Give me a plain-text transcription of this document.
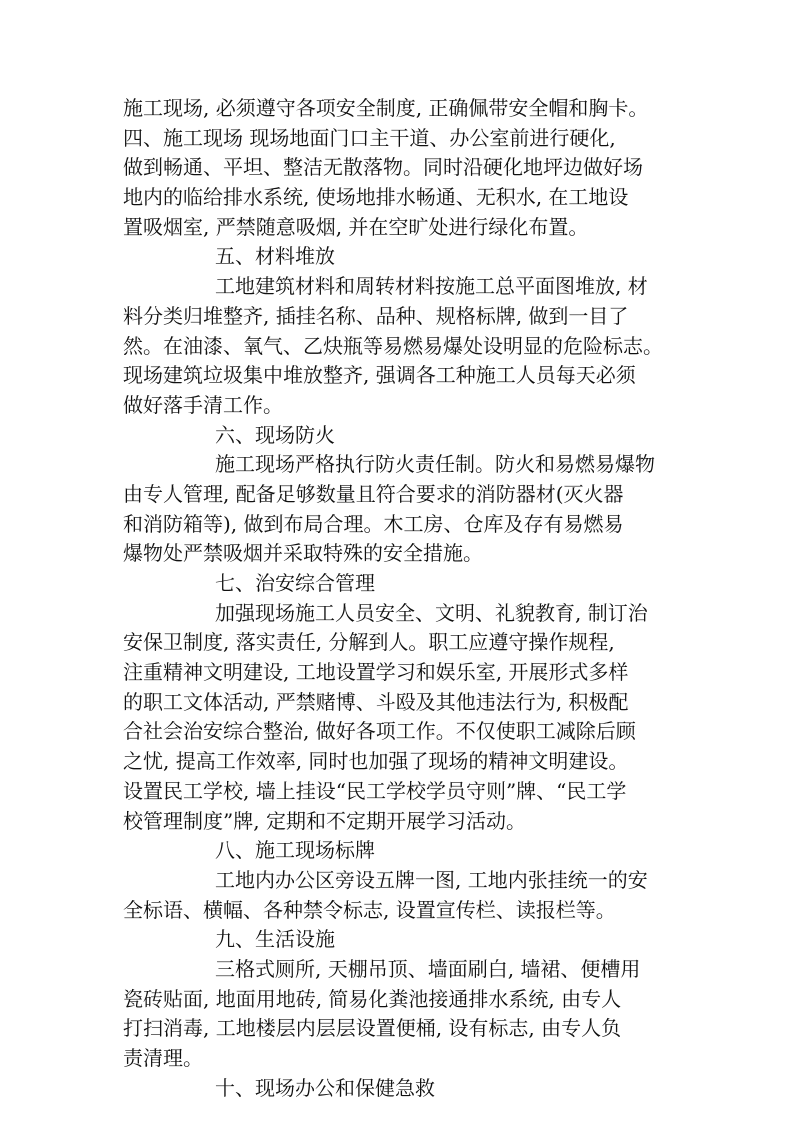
施工现场, 必须遵守各项安全制度, 正确佩带安全帽和胸卡。
四、施工现场 现场地面门口主干道、办公室前进行硬化,
做到畅通、平坦、整洁无散落物。同时沿硬化地坪边做好场
地内的临给排水系统, 使场地排水畅通、无积水, 在工地设
置吸烟室, 严禁随意吸烟, 并在空旷处进行绿化布置。
五、材料堆放
工地建筑材料和周转材料按施工总平面图堆放, 材
料分类归堆整齐, 插挂名称、品种、规格标牌, 做到一目了
然。在油漆、氧气、乙炔瓶等易燃易爆处设明显的危险标志。
现场建筑垃圾集中堆放整齐, 强调各工种施工人员每天必须
做好落手清工作。
六、现场防火
施工现场严格执行防火责任制。防火和易燃易爆物
由专人管理, 配备足够数量且符合要求的消防器材(灭火器
和消防箱等), 做到布局合理。木工房、仓库及存有易燃易
爆物处严禁吸烟并采取特殊的安全措施。
七、治安综合管理
加强现场施工人员安全、文明、礼貌教育, 制订治
安保卫制度, 落实责任, 分解到人。职工应遵守操作规程,
注重精神文明建设, 工地设置学习和娱乐室, 开展形式多样
的职工文体活动, 严禁赌博、斗殴及其他违法行为, 积极配
合社会治安综合整治, 做好各项工作。不仅使职工减除后顾
之忧, 提高工作效率, 同时也加强了现场的精神文明建设。
设置民工学校, 墙上挂设“民工学校学员守则”牌、“民工学
校管理制度”牌, 定期和不定期开展学习活动。
八、施工现场标牌
工地内办公区旁设五牌一图, 工地内张挂统一的安
全标语、横幅、各种禁令标志, 设置宣传栏、读报栏等。
九、生活设施
三格式厕所, 天棚吊顶、墙面刷白, 墙裙、便槽用
瓷砖贴面, 地面用地砖, 简易化粪池接通排水系统, 由专人
打扫消毒, 工地楼层内层层设置便桶, 设有标志, 由专人负
责清理。
十、现场办公和保健急救
